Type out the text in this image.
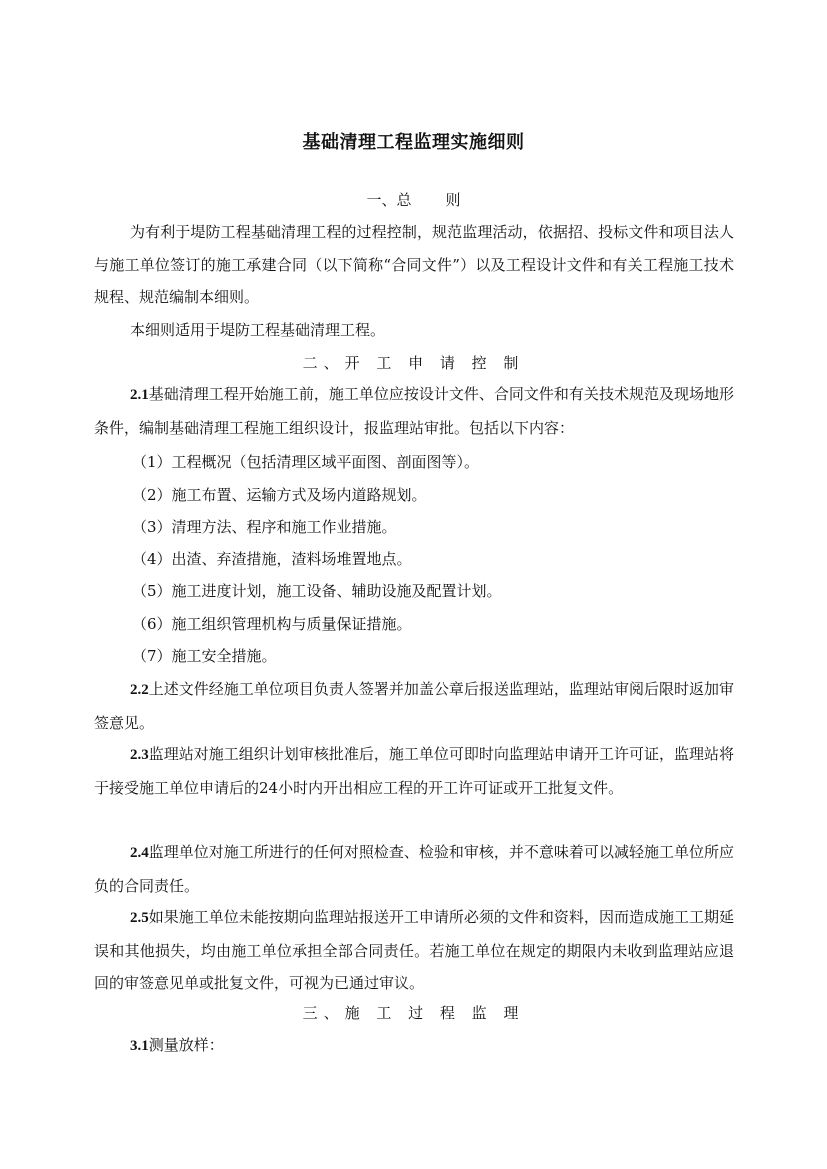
基础清理工程监理实施细则
一、总 则

为有利于堤防工程基础清理工程的过程控制，规范监理活动，依据招、投标文件和项目法人与施工单位签订的施工承建合同（以下简称“合同文件”）以及工程设计文件和有关工程施工技术规程、规范编制本细则。

本细则适用于堤防工程基础清理工程。

二、开 工 申 请 控 制

2.1基础清理工程开始施工前，施工单位应按设计文件、合同文件和有关技术规范及现场地形条件，编制基础清理工程施工组织设计，报监理站审批。包括以下内容：

（1）工程概况（包括清理区域平面图、剖面图等）。

（2）施工布置、运输方式及场内道路规划。

（3）清理方法、程序和施工作业措施。

（4）出渣、弃渣措施，渣料场堆置地点。

（5）施工进度计划，施工设备、辅助设施及配置计划。

（6）施工组织管理机构与质量保证措施。

（7）施工安全措施。

2.2上述文件经施工单位项目负责人签署并加盖公章后报送监理站，监理站审阅后限时返加审签意见。

2.3监理站对施工组织计划审核批准后，施工单位可即时向监理站申请开工许可证，监理站将于接受施工单位申请后的24小时内开出相应工程的开工许可证或开工批复文件。

2.4监理单位对施工所进行的任何对照检查、检验和审核，并不意味着可以减轻施工单位所应负的合同责任。

2.5如果施工单位未能按期向监理站报送开工申请所必须的文件和资料，因而造成施工工期延误和其他损失，均由施工单位承担全部合同责任。若施工单位在规定的期限内未收到监理站应退回的审签意见单或批复文件，可视为已通过审议。

三、施 工 过 程 监 理

3.1测量放样：
